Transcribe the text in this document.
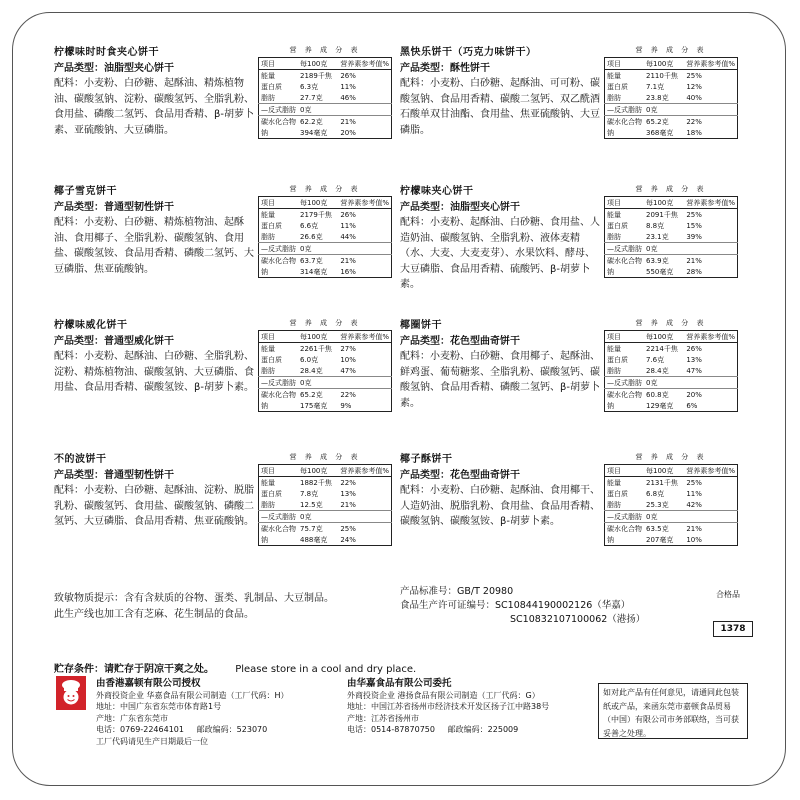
柠檬味时时食夹心饼干
产品类型：油脂型夹心饼干
配料：小麦粉、白砂糖、起酥油、精炼植物油、碳酸氢钠、淀粉、碳酸氢钙、全脂乳粉、食用盐、磷酸二氢钙、食品用香精、β-胡萝卜素、亚硫酸钠、大豆磷脂。
营 养 成 分 表
项目	每100克	营养素参考值%
能量	2189千焦	26%
蛋白质	6.3克	11%
脂肪	27.7克	46%
—反式脂肪	0克	
碳水化合物	62.2克	21%
钠	394毫克	20%
黑快乐饼干（巧克力味饼干）
产品类型：酥性饼干
配料：小麦粉、白砂糖、起酥油、可可粉、碳酸氢钠、食品用香精、碳酸二氢钙、双乙酰酒石酸单双甘油酯、食用盐、焦亚硫酸钠、大豆磷脂。
营 养 成 分 表
项目	每100克	营养素参考值%
能量	2110千焦	25%
蛋白质	7.1克	12%
脂肪	23.8克	40%
—反式脂肪	0克	
碳水化合物	65.2克	22%
钠	368毫克	18%
椰子雪克饼干
产品类型：普通型韧性饼干
配料：小麦粉、白砂糖、精炼植物油、起酥油、食用椰子、全脂乳粉、碳酸氢钠、食用盐、碳酸氢铵、食品用香精、磷酸二氢钙、大豆磷脂、焦亚硫酸钠。
营 养 成 分 表
项目	每100克	营养素参考值%
能量	2179千焦	26%
蛋白质	6.6克	11%
脂肪	26.6克	44%
—反式脂肪	0克	
碳水化合物	63.7克	21%
钠	314毫克	16%
柠檬味夹心饼干
产品类型：油脂型夹心饼干
配料：小麦粉、起酥油、白砂糖、食用盐、人造奶油、碳酸氢钠、全脂乳粉、液体麦精（水、大麦、大麦麦芽）、水果饮料、酵母、大豆磷脂、食品用香精、硫酸钙、β-胡萝卜素。
营 养 成 分 表
项目	每100克	营养素参考值%
能量	2091千焦	25%
蛋白质	8.8克	15%
脂肪	23.1克	39%
—反式脂肪	0克	
碳水化合物	63.9克	21%
钠	550毫克	28%
柠檬味威化饼干
产品类型：普通型威化饼干
配料：小麦粉、起酥油、白砂糖、全脂乳粉、淀粉、精炼植物油、碳酸氢钠、大豆磷脂、食用盐、食品用香精、碳酸氢铵、β-胡萝卜素。
营 养 成 分 表
项目	每100克	营养素参考值%
能量	2261千焦	27%
蛋白质	6.0克	10%
脂肪	28.4克	47%
—反式脂肪	0克	
碳水化合物	65.2克	22%
钠	175毫克	9%
椰圈饼干
产品类型：花色型曲奇饼干
配料：小麦粉、白砂糖、食用椰子、起酥油、鲜鸡蛋、葡萄糖浆、全脂乳粉、碳酸氢钙、碳酸氢钠、食品用香精、磷酸二氢钙、β-胡萝卜素。
营 养 成 分 表
项目	每100克	营养素参考值%
能量	2214千焦	26%
蛋白质	7.6克	13%
脂肪	28.4克	47%
—反式脂肪	0克	
碳水化合物	60.8克	20%
钠	129毫克	6%
不的波饼干
产品类型：普通型韧性饼干
配料：小麦粉、白砂糖、起酥油、淀粉、脱脂乳粉、碳酸氢钙、食用盐、碳酸氢钠、磷酸二氢钙、大豆磷脂、食品用香精、焦亚硫酸钠。
营 养 成 分 表
项目	每100克	营养素参考值%
能量	1882千焦	22%
蛋白质	7.8克	13%
脂肪	12.5克	21%
—反式脂肪	0克	
碳水化合物	75.7克	25%
钠	488毫克	24%
椰子酥饼干
产品类型：花色型曲奇饼干
配料：小麦粉、白砂糖、起酥油、食用椰干、人造奶油、脱脂乳粉、食用盐、食品用香精、碳酸氢钠、碳酸氢铵、β-胡萝卜素。
营 养 成 分 表
项目	每100克	营养素参考值%
能量	2131千焦	25%
蛋白质	6.8克	11%
脂肪	25.3克	42%
—反式脂肪	0克	
碳水化合物	63.5克	21%
钠	207毫克	10%
致敏物质提示：含有含麸质的谷物、蛋类、乳制品、大豆制品。
此生产线也加工含有芝麻、花生制品的食品。
产品标准号：GB/T 20980
食品生产许可证编号：SC10844190002126（华嘉）
SC10832107100062（港扬）
合格品
1378
贮存条件：请贮存于阴凉干爽之处。 Please store in a cool and dry place.
由香港嘉顿有限公司授权
外商投资企业 华嘉食品有限公司制造（工厂代码：H）
地址：中国广东省东莞市体育路1号
产地：广东省东莞市
电话：0769-22464101     邮政编码：523070
工厂代码请见生产日期最后一位
由华嘉食品有限公司委托
外商投资企业 港扬食品有限公司制造（工厂代码：G）
地址：中国江苏省扬州市经济技术开发区扬子江中路38号
产地：江苏省扬州市
电话：0514-87870750     邮政编码：225009
如对此产品有任何意见，请通同此包装纸或产品，来函东莞市嘉顿食品贸易（中国）有限公司市务部联络，当可获妥善之处理。
